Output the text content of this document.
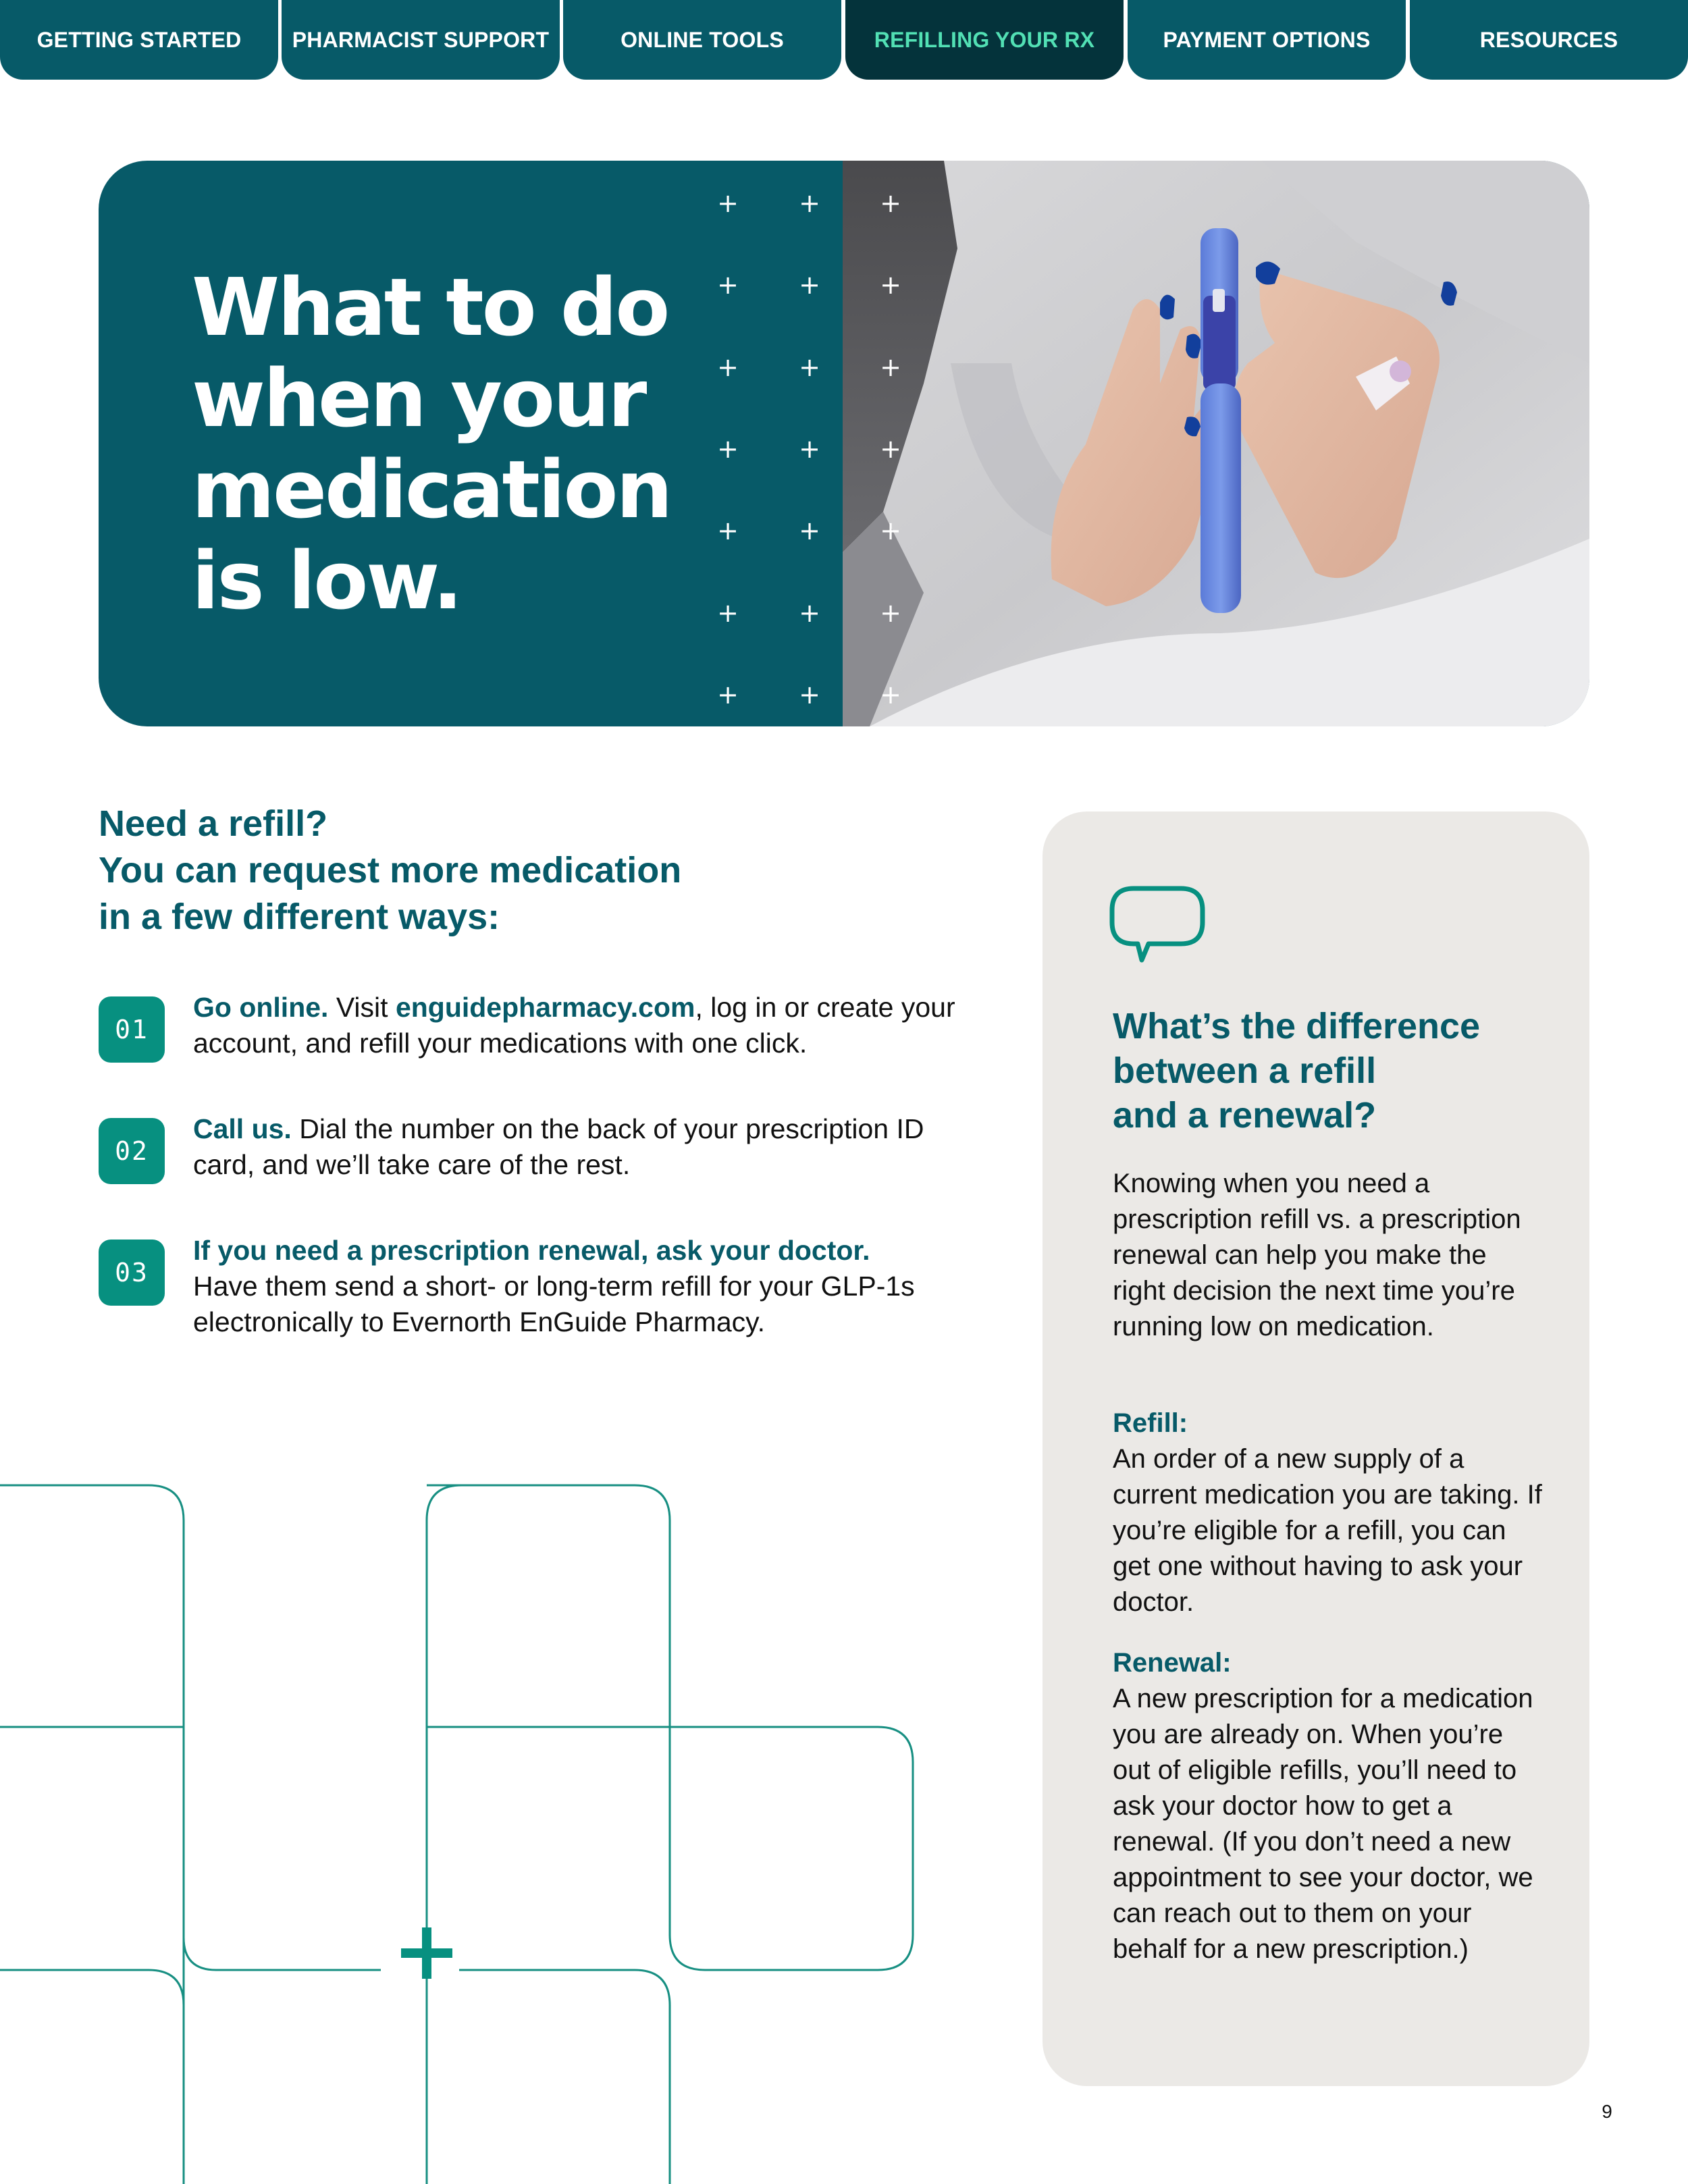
GETTING STARTED	PHARMACIST SUPPORT	ONLINE TOOLS	REFILLING YOUR RX	PAYMENT OPTIONS	RESOURCES
What to do
when your
medication
is low.
+ + +
+ + +
+ + +
+ + +
+ + +
+ + +
+ + +
Need a refill?
You can request more medication
in a few different ways:
01

Go online. Visit enguidepharmacy.com, log in or create your account, and refill your medications with one click.

02

Call us. Dial the number on the back of your prescription ID card, and we’ll take care of the rest.

03

If you need a prescription renewal, ask your doctor.
Have them send a short- or long-term refill for your GLP-1s electronically to Evernorth EnGuide Pharmacy.

What’s the difference
between a refill
and a renewal?

Knowing when you need a prescription refill vs. a prescription renewal can help you make the right decision the next time you’re running low on medication.

Refill:

An order of a new supply of a current medication you are taking. If you’re eligible for a refill, you can get one without having to ask your doctor.

Renewal:

A new prescription for a medication you are already on. When you’re out of eligible refills, you’ll need to ask your doctor how to get a renewal. (If you don’t need a new appointment to see your doctor, we can reach out to them on your behalf for a new prescription.)

9
